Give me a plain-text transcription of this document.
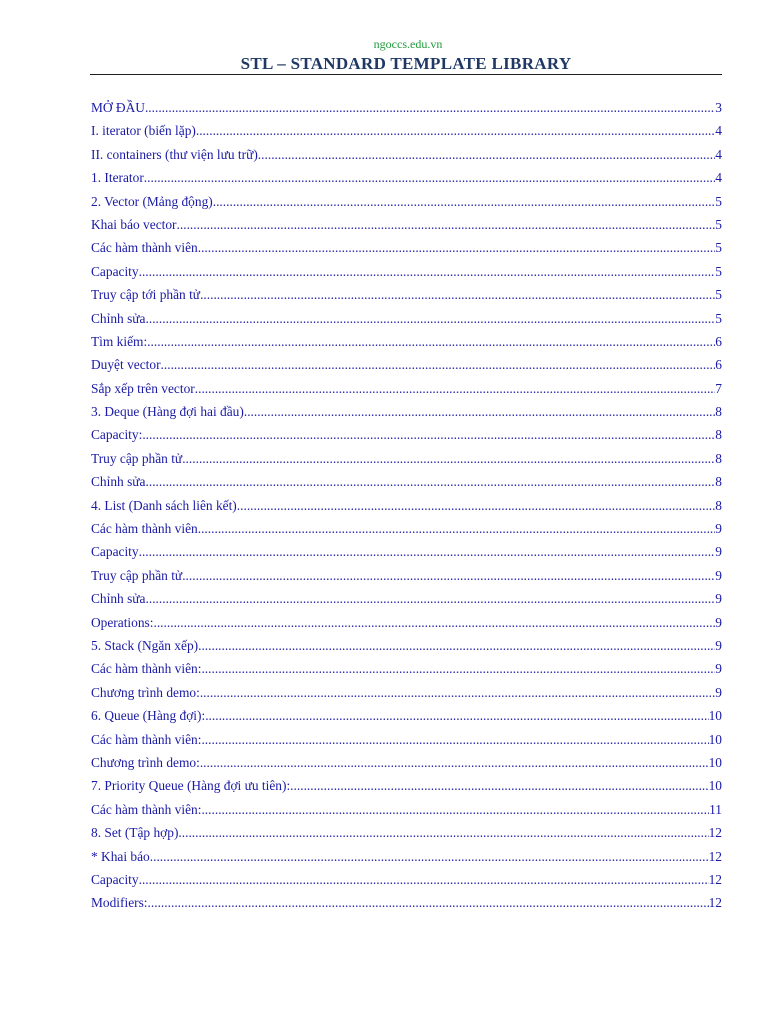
ngoccs.edu.vn
STL – STANDARD TEMPLATE LIBRARY
MỞ ĐẦU .....	3
I. iterator (biến lặp) .....	4
II. containers (thư viện lưu trữ) .....	4
1. Iterator .....	4
2. Vector (Mảng động) .....	5
Khai báo vector .....	5
Các hàm thành viên .....	5
Capacity .....	5
Truy cập tới phần tử .....	5
Chỉnh sửa .....	5
Tìm kiếm: .....	6
Duyệt vector .....	6
Sắp xếp trên vector .....	7
3. Deque (Hàng đợi hai đầu) .....	8
Capacity: .....	8
Truy cập phần tử .....	8
Chỉnh sửa .....	8
4. List (Danh sách liên kết) .....	8
Các hàm thành viên .....	9
Capacity .....	9
Truy cập phần tử .....	9
Chỉnh sửa .....	9
Operations: .....	9
5. Stack (Ngăn xếp) .....	9
Các hàm thành viên: .....	9
Chương trình demo: .....	9
6. Queue (Hàng đợi): .....	10
Các hàm thành viên: .....	10
Chương trình demo: .....	10
7. Priority Queue (Hàng đợi ưu tiên): .....	10
Các hàm thành viên: .....	11
8. Set (Tập hợp) .....	12
* Khai báo .....	12
Capacity .....	12
Modifiers: .....	12
